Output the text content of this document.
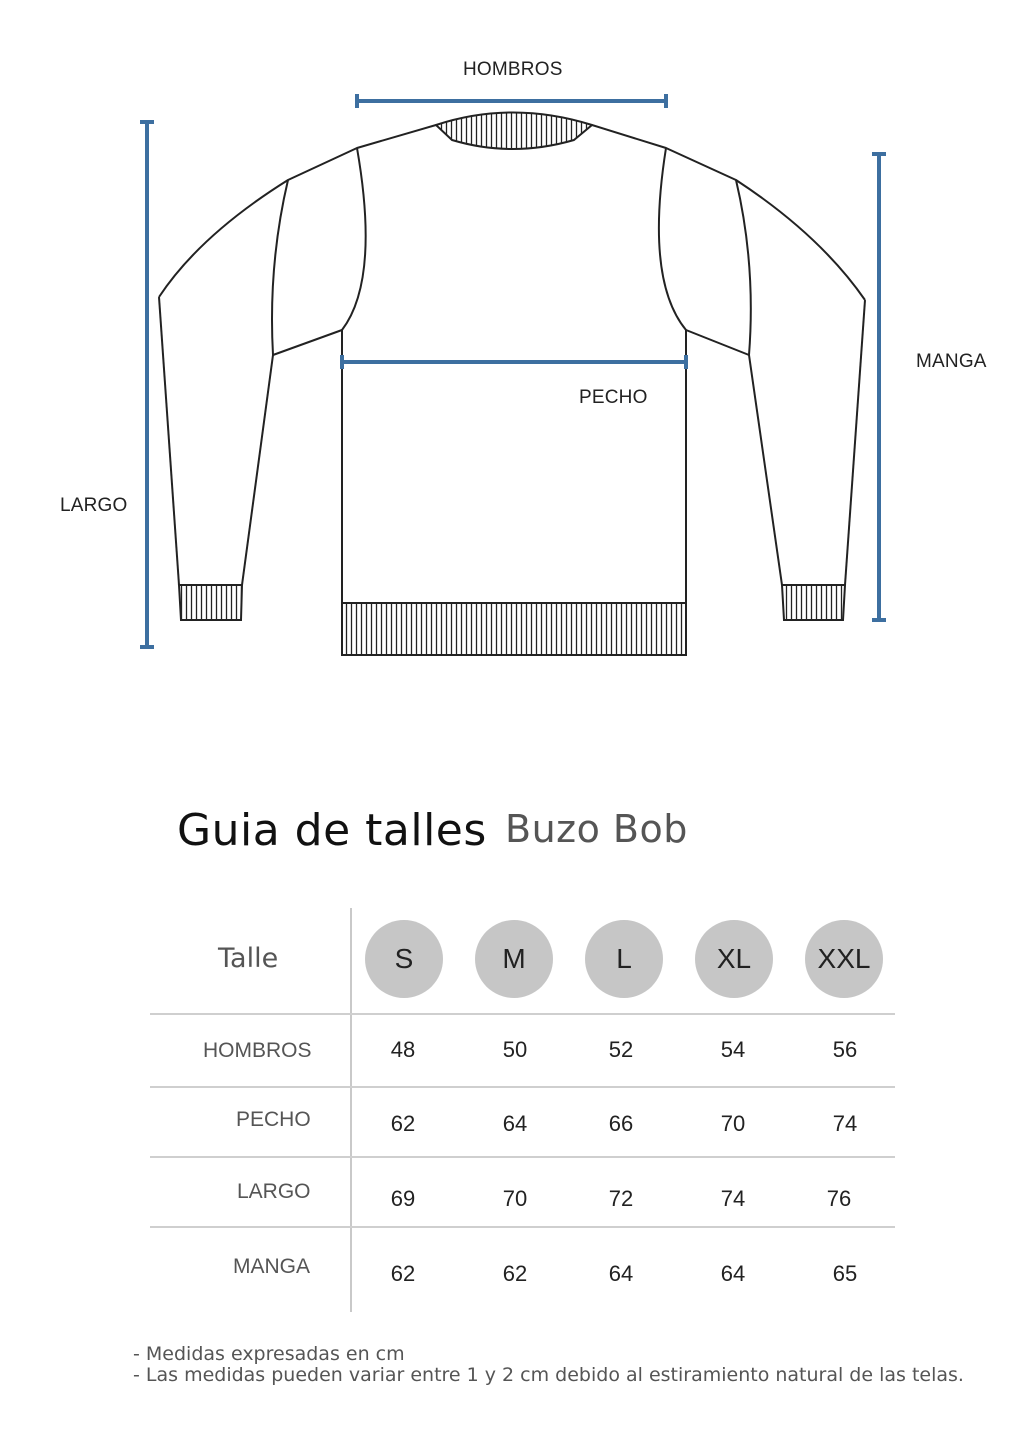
HOMBROS
MANGA
PECHO
LARGO
Guia de talles Buzo Bob
Talle	S	M	L	XL	XXL
HOMBROS	48	50	52	54	56
PECHO	62	64	66	70	74
LARGO	69	70	72	74	76
MANGA	62	62	64	64	65
- Medidas expresadas en cm
- Las medidas pueden variar entre 1 y 2 cm debido al estiramiento natural de las telas.
